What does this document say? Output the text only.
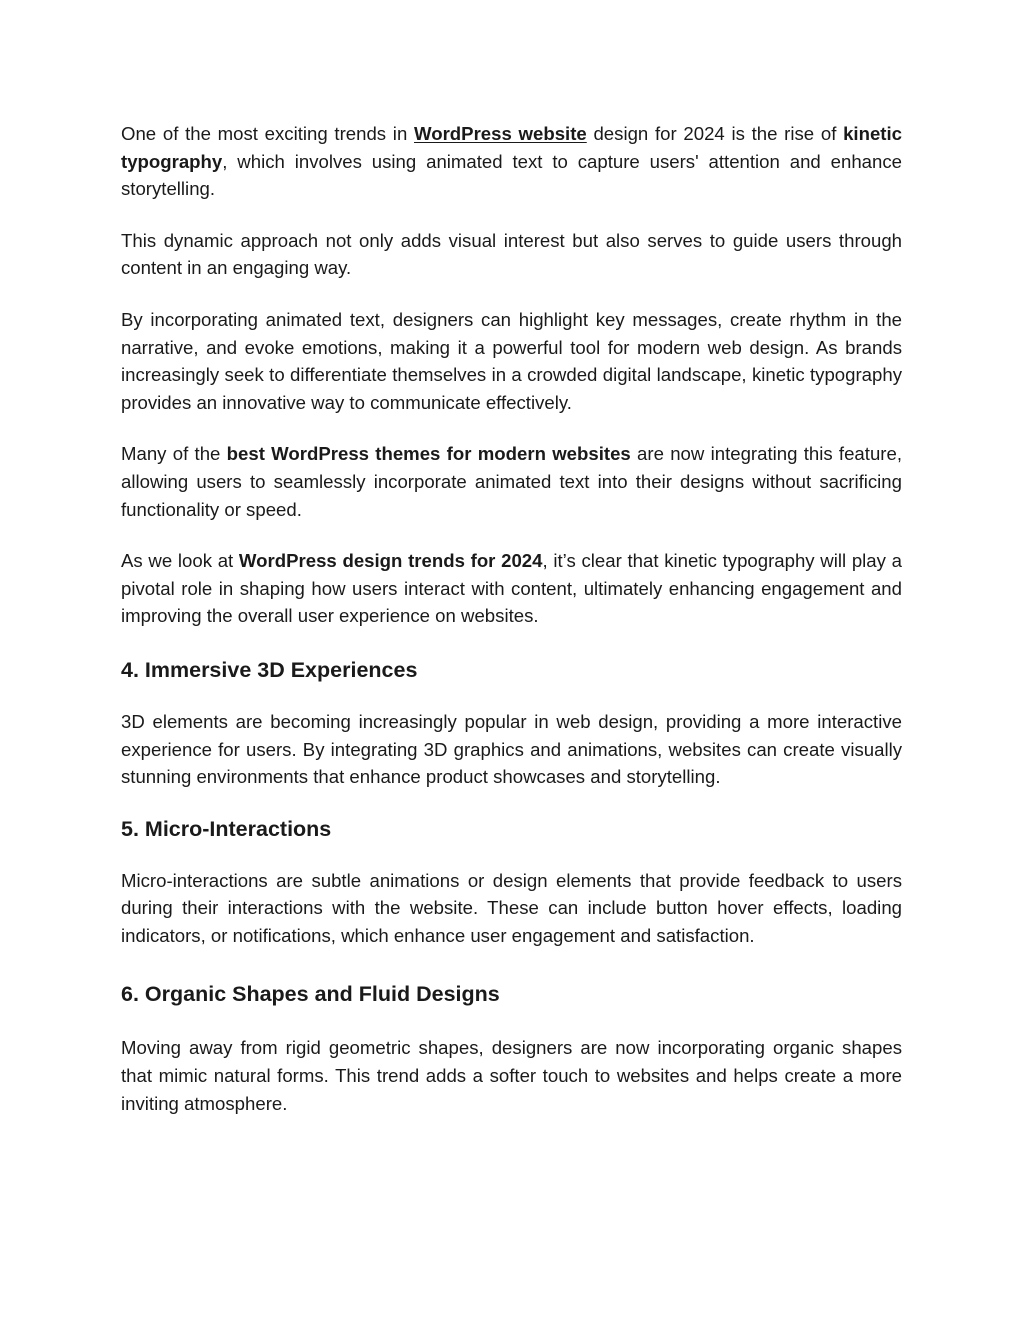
One of the most exciting trends in WordPress website design for 2024 is the rise of kinetic typography, which involves using animated text to capture users' attention and enhance storytelling.

This dynamic approach not only adds visual interest but also serves to guide users through content in an engaging way.

By incorporating animated text, designers can highlight key messages, create rhythm in the narrative, and evoke emotions, making it a powerful tool for modern web design. As brands increasingly seek to differentiate themselves in a crowded digital landscape, kinetic typography provides an innovative way to communicate effectively.

Many of the best WordPress themes for modern websites are now integrating this feature, allowing users to seamlessly incorporate animated text into their designs without sacrificing functionality or speed.

As we look at WordPress design trends for 2024, it’s clear that kinetic typography will play a pivotal role in shaping how users interact with content, ultimately enhancing engagement and improving the overall user experience on websites.

4. Immersive 3D Experiences

3D elements are becoming increasingly popular in web design, providing a more interactive experience for users. By integrating 3D graphics and animations, websites can create visually stunning environments that enhance product showcases and storytelling.

5. Micro-Interactions

Micro-interactions are subtle animations or design elements that provide feedback to users during their interactions with the website. These can include button hover effects, loading indicators, or notifications, which enhance user engagement and satisfaction.

6. Organic Shapes and Fluid Designs

Moving away from rigid geometric shapes, designers are now incorporating organic shapes that mimic natural forms. This trend adds a softer touch to websites and helps create a more inviting atmosphere.
